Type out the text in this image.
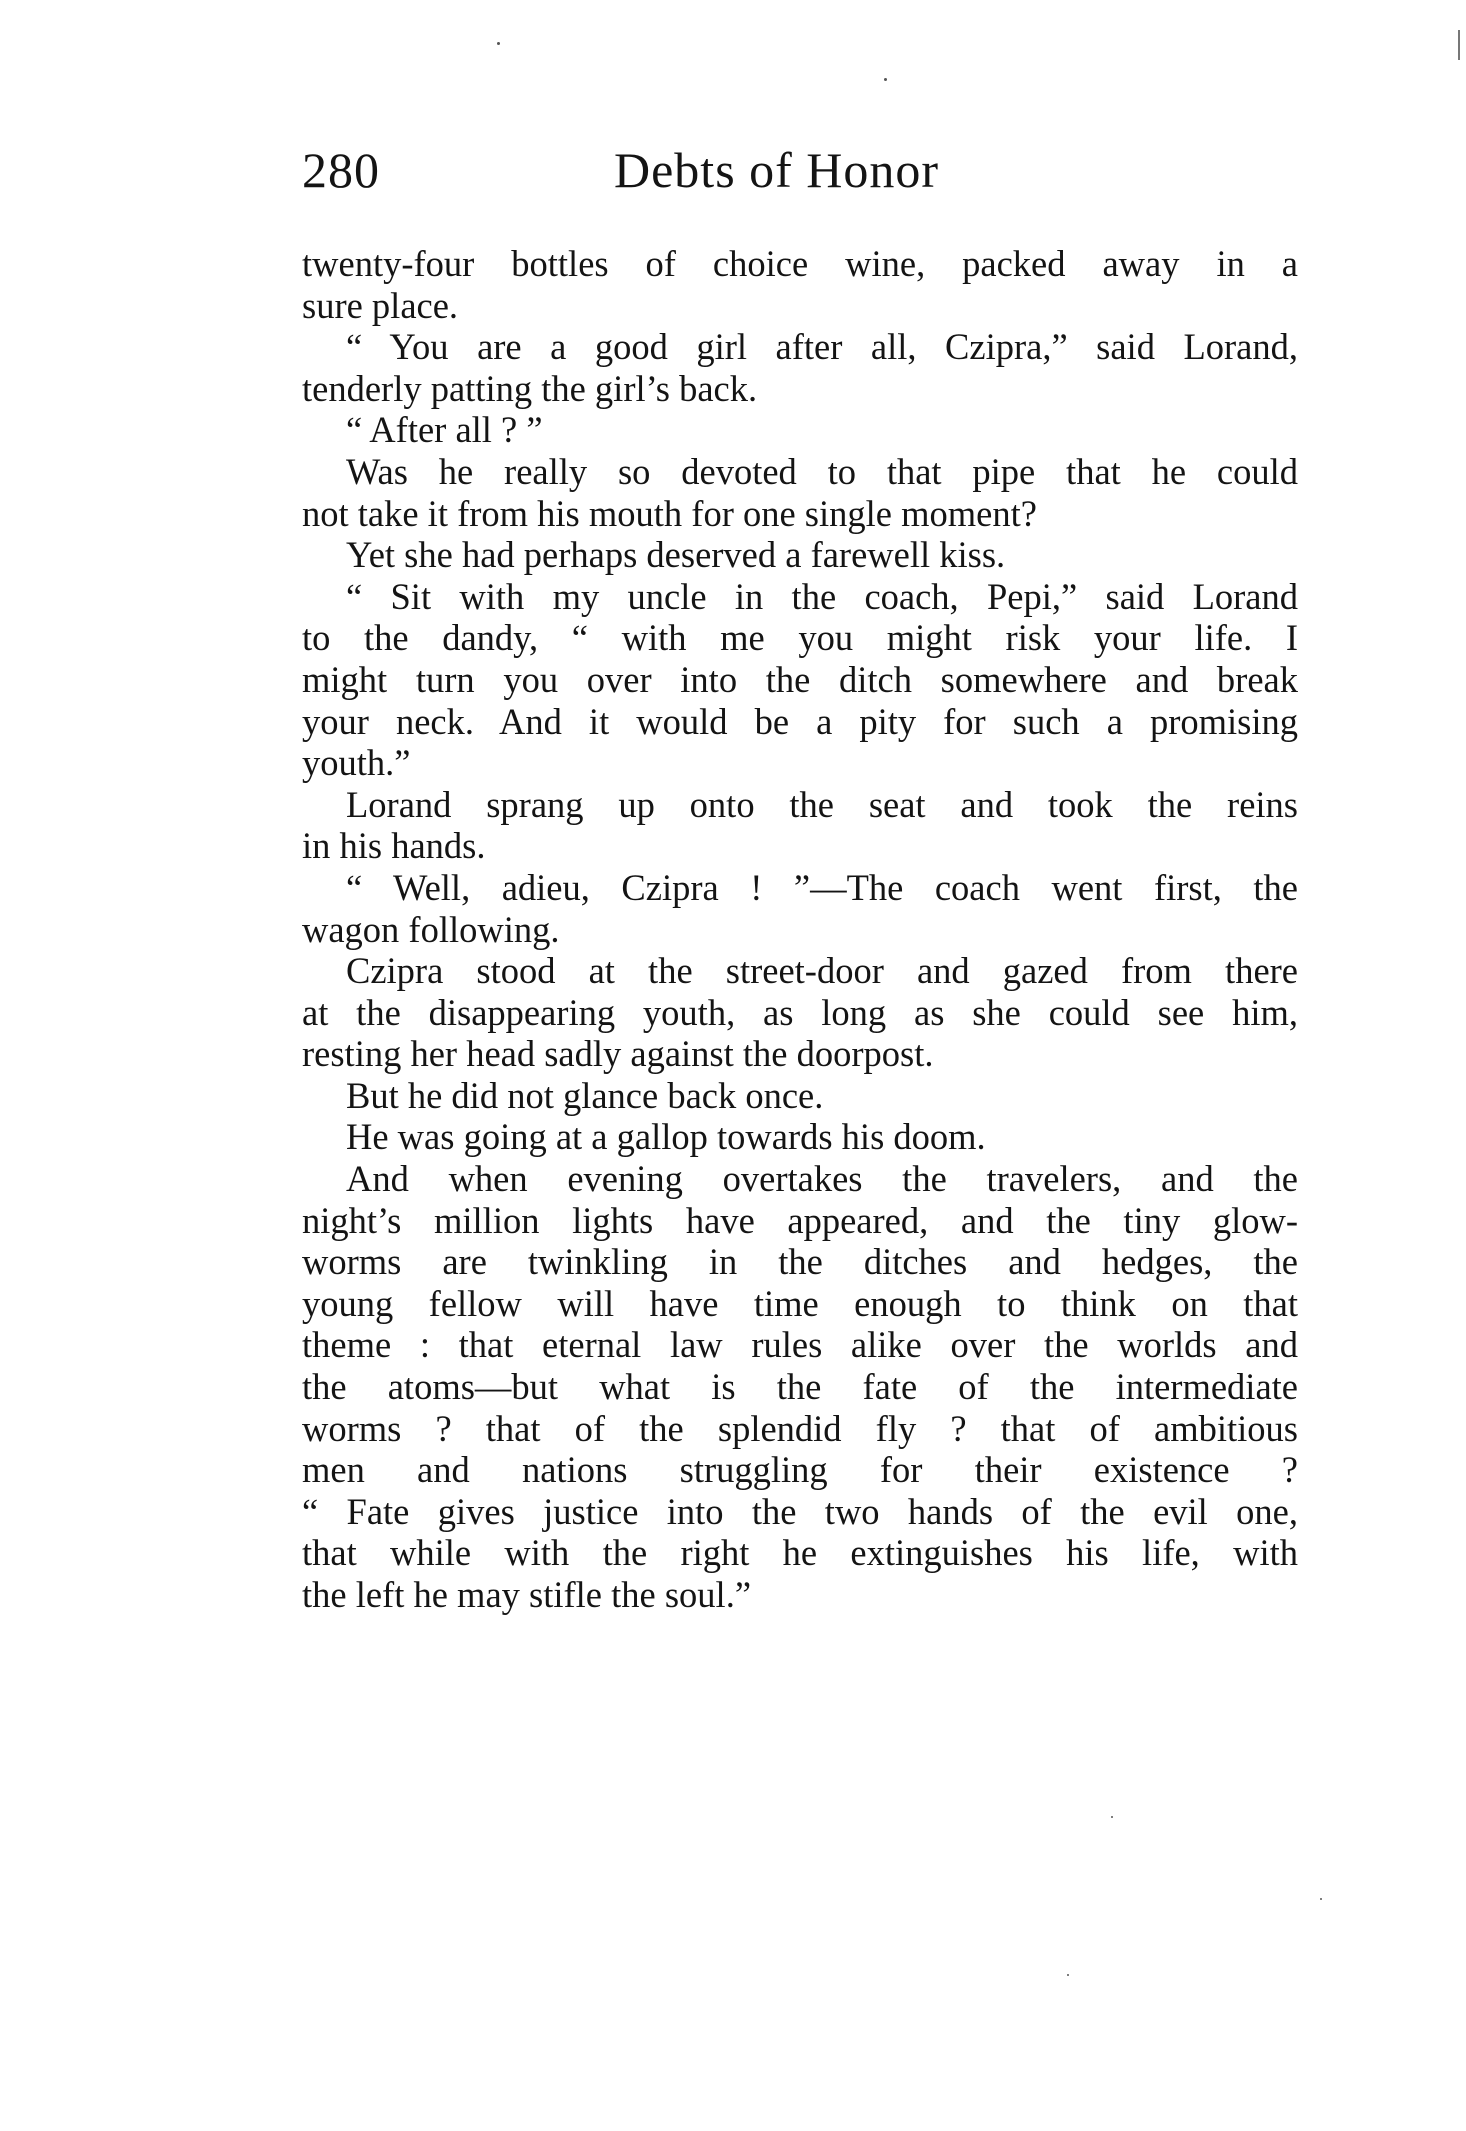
280	Debts of Honor
twenty-four bottles of choice wine, packed away in a
sure place.
“ You are a good girl after all, Czipra,” said Lorand,
tenderly patting the girl’s back.
“ After all ? ”
Was he really so devoted to that pipe that he could
not take it from his mouth for one single moment?
Yet she had perhaps deserved a farewell kiss.
“ Sit with my uncle in the coach, Pepi,” said Lorand
to the dandy, “ with me you might risk your life. I
might turn you over into the ditch somewhere and break
your neck. And it would be a pity for such a promising
youth.”
Lorand sprang up onto the seat and took the reins
in his hands.
“ Well, adieu, Czipra ! ”—The coach went first, the
wagon following.
Czipra stood at the street-door and gazed from there
at the disappearing youth, as long as she could see him,
resting her head sadly against the doorpost.
But he did not glance back once.
He was going at a gallop towards his doom.
And when evening overtakes the travelers, and the
night’s million lights have appeared, and the tiny glow-
worms are twinkling in the ditches and hedges, the
young fellow will have time enough to think on that
theme : that eternal law rules alike over the worlds and
the atoms—but what is the fate of the intermediate
worms ? that of the splendid fly ? that of ambitious
men and nations struggling for their existence ?
“ Fate gives justice into the two hands of the evil one,
that while with the right he extinguishes his life, with
the left he may stifle the soul.”
